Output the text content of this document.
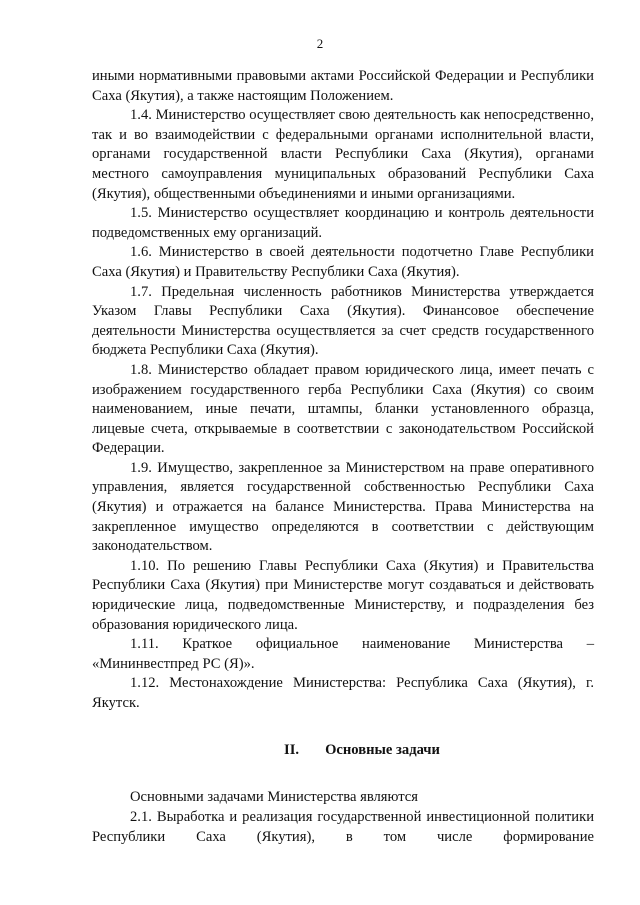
2

иными нормативными правовыми актами Российской Федерации и Республики Саха (Якутия), а также настоящим Положением.

1.4. Министерство осуществляет свою деятельность как непосредственно, так и во взаимодействии с федеральными органами исполнительной власти, органами государственной власти Республики Саха (Якутия), органами местного самоуправления муниципальных образований Республики Саха (Якутия), общественными объединениями и иными организациями.

1.5. Министерство осуществляет координацию и контроль деятельности подведомственных ему организаций.

1.6. Министерство в своей деятельности подотчетно Главе Республики Саха (Якутия) и Правительству Республики Саха (Якутия).

1.7. Предельная численность работников Министерства утверждается Указом Главы Республики Саха (Якутия). Финансовое обеспечение деятельности Министерства осуществляется за счет средств государственного бюджета Республики Саха (Якутия).

1.8. Министерство обладает правом юридического лица, имеет печать с изображением государственного герба Республики Саха (Якутия) со своим наименованием, иные печати, штампы, бланки установленного образца, лицевые счета, открываемые в соответствии с законодательством Российской Федерации.

1.9. Имущество, закрепленное за Министерством на праве оперативного управления, является государственной собственностью Республики Саха (Якутия) и отражается на балансе Министерства. Права Министерства на закрепленное имущество определяются в соответствии с действующим законодательством.

1.10. По решению Главы Республики Саха (Якутия) и Правительства Республики Саха (Якутия) при Министерстве могут создаваться и действовать юридические лица, подведомственные Министерству, и подразделения без образования юридического лица.

1.11. Краткое официальное наименование Министерства – «Мининвестпред РС (Я)».

1.12. Местонахождение Министерства: Республика Саха (Якутия), г. Якутск.

II. Основные задачи

Основными задачами Министерства являются

2.1. Выработка и реализация государственной инвестиционной политики Республики Саха (Якутия), в том числе формирование
